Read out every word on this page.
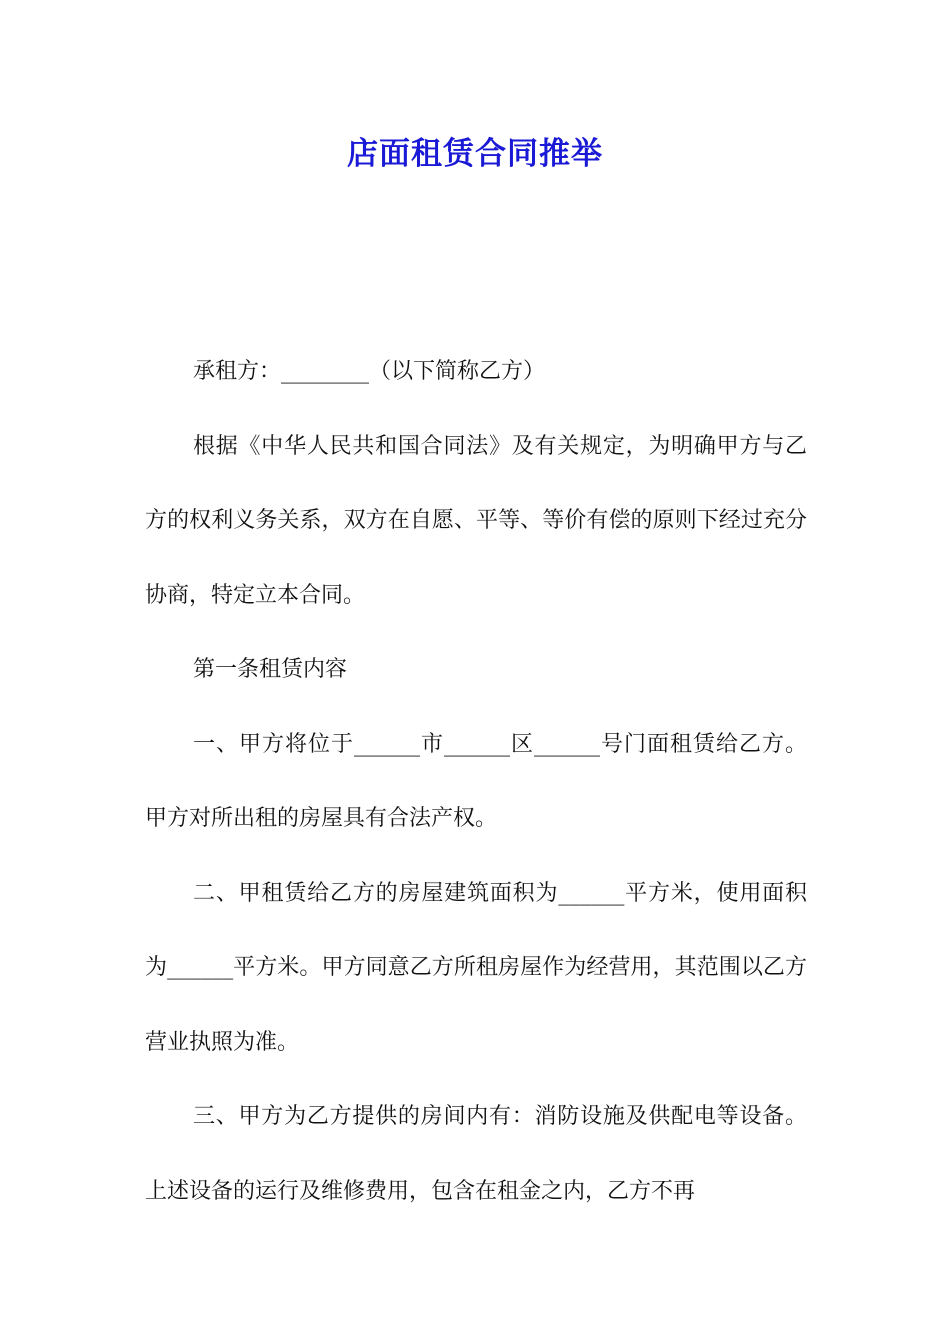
店面租赁合同推举

承租方：________（以下简称乙方）

根据《中华人民共和国合同法》及有关规定，为明确甲方与乙方的权利义务关系，双方在自愿、平等、等价有偿的原则下经过充分协商，特定立本合同。

第一条租赁内容

一、甲方将位于______市______区______号门面租赁给乙方。甲方对所出租的房屋具有合法产权。

二、甲租赁给乙方的房屋建筑面积为______平方米，使用面积为______平方米。甲方同意乙方所租房屋作为经营用，其范围以乙方营业执照为准。

三、甲方为乙方提供的房间内有：消防设施及供配电等设备。上述设备的运行及维修费用，包含在租金之内，乙方不再
